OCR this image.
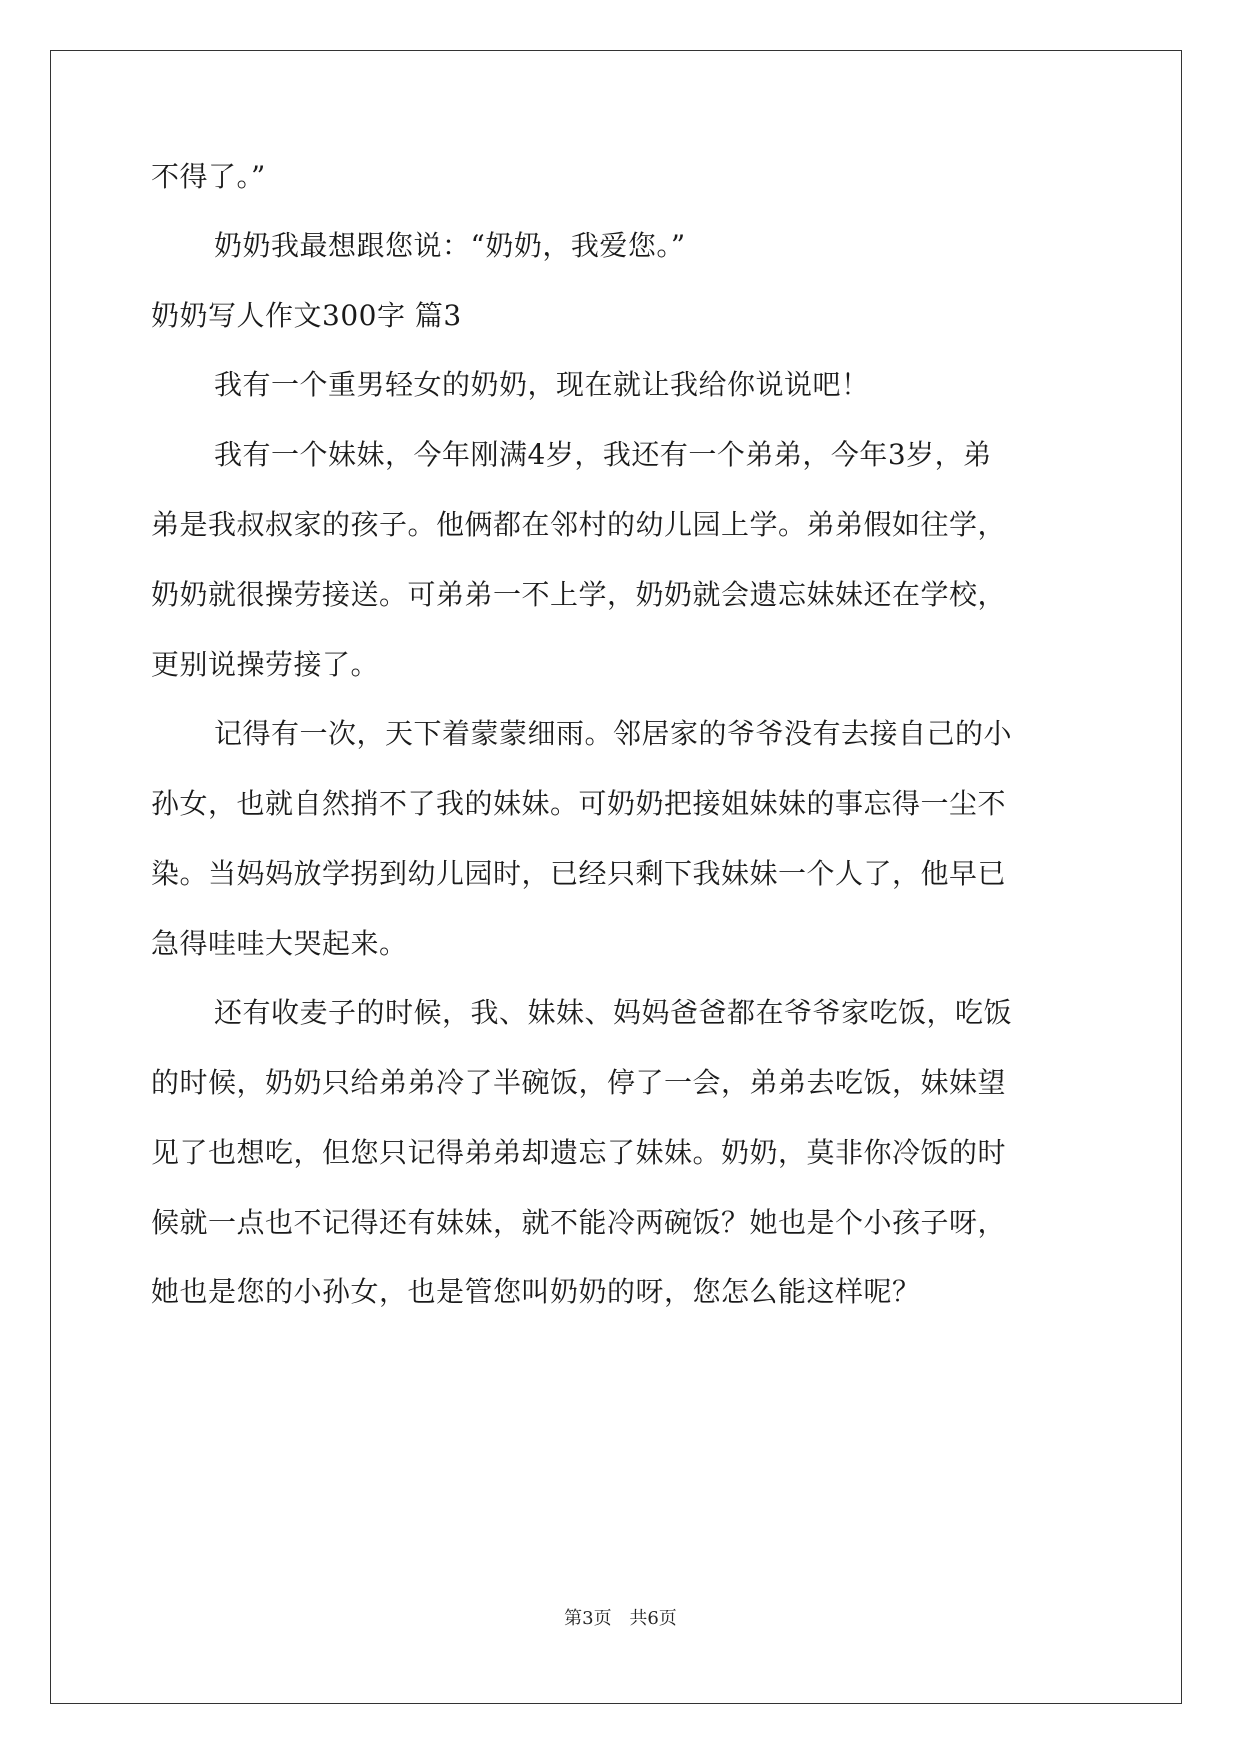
不得了。”

奶奶我最想跟您说：“奶奶，我爱您。”

奶奶写人作文300字 篇3

我有一个重男轻女的奶奶，现在就让我给你说说吧！

我有一个妹妹，今年刚满4岁，我还有一个弟弟，今年3岁，弟

弟是我叔叔家的孩子。他俩都在邻村的幼儿园上学。弟弟假如往学，

奶奶就很操劳接送。可弟弟一不上学，奶奶就会遗忘妹妹还在学校，

更别说操劳接了。

记得有一次，天下着蒙蒙细雨。邻居家的爷爷没有去接自己的小

孙女，也就自然捎不了我的妹妹。可奶奶把接姐妹妹的事忘得一尘不

染。当妈妈放学拐到幼儿园时，已经只剩下我妹妹一个人了，他早已

急得哇哇大哭起来。

还有收麦子的时候，我、妹妹、妈妈爸爸都在爷爷家吃饭，吃饭

的时候，奶奶只给弟弟冷了半碗饭，停了一会，弟弟去吃饭，妹妹望

见了也想吃，但您只记得弟弟却遗忘了妹妹。奶奶，莫非你冷饭的时

候就一点也不记得还有妹妹，就不能冷两碗饭？她也是个小孩子呀，

她也是您的小孙女，也是管您叫奶奶的呀，您怎么能这样呢？

第3页 共6页
